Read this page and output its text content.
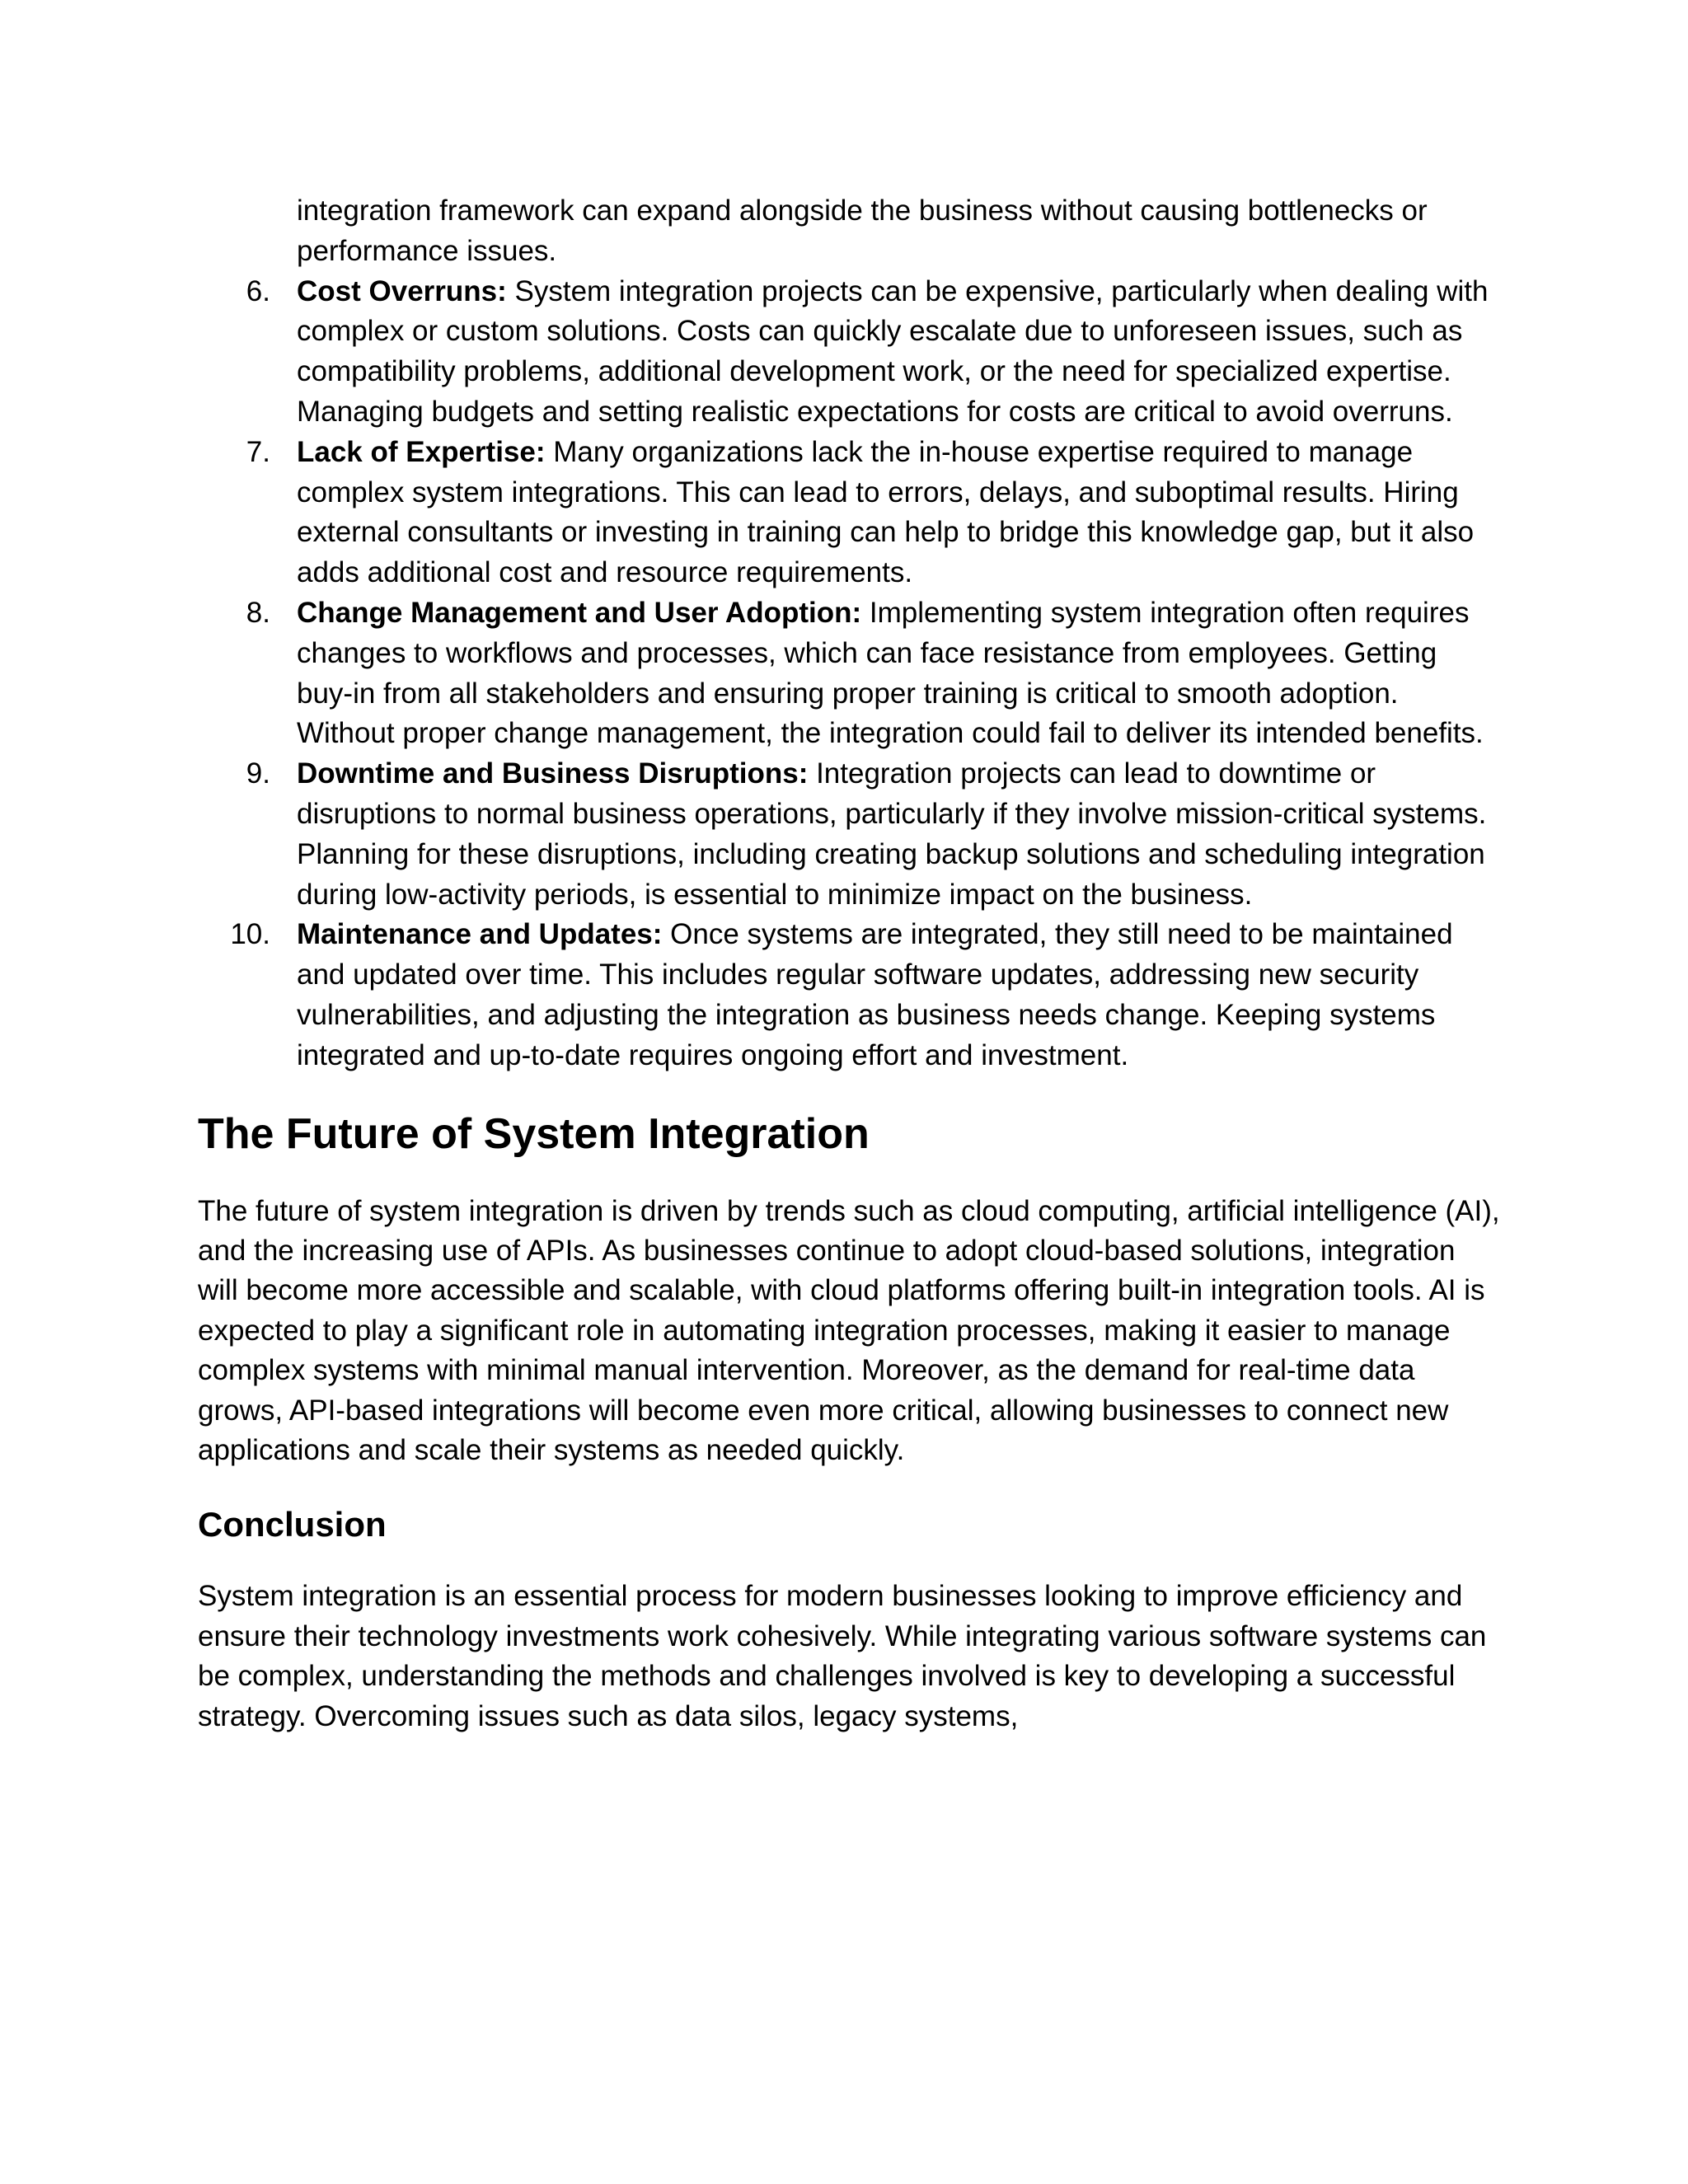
integration framework can expand alongside the business without causing bottlenecks or performance issues.
6. Cost Overruns: System integration projects can be expensive, particularly when dealing with complex or custom solutions. Costs can quickly escalate due to unforeseen issues, such as compatibility problems, additional development work, or the need for specialized expertise. Managing budgets and setting realistic expectations for costs are critical to avoid overruns.
7. Lack of Expertise: Many organizations lack the in-house expertise required to manage complex system integrations. This can lead to errors, delays, and suboptimal results. Hiring external consultants or investing in training can help to bridge this knowledge gap, but it also adds additional cost and resource requirements.
8. Change Management and User Adoption: Implementing system integration often requires changes to workflows and processes, which can face resistance from employees. Getting buy-in from all stakeholders and ensuring proper training is critical to smooth adoption. Without proper change management, the integration could fail to deliver its intended benefits.
9. Downtime and Business Disruptions: Integration projects can lead to downtime or disruptions to normal business operations, particularly if they involve mission-critical systems. Planning for these disruptions, including creating backup solutions and scheduling integration during low-activity periods, is essential to minimize impact on the business.
10. Maintenance and Updates: Once systems are integrated, they still need to be maintained and updated over time. This includes regular software updates, addressing new security vulnerabilities, and adjusting the integration as business needs change. Keeping systems integrated and up-to-date requires ongoing effort and investment.
The Future of System Integration

The future of system integration is driven by trends such as cloud computing, artificial intelligence (AI), and the increasing use of APIs. As businesses continue to adopt cloud-based solutions, integration will become more accessible and scalable, with cloud platforms offering built-in integration tools. AI is expected to play a significant role in automating integration processes, making it easier to manage complex systems with minimal manual intervention. Moreover, as the demand for real-time data grows, API-based integrations will become even more critical, allowing businesses to connect new applications and scale their systems as needed quickly.

Conclusion

System integration is an essential process for modern businesses looking to improve efficiency and ensure their technology investments work cohesively. While integrating various software systems can be complex, understanding the methods and challenges involved is key to developing a successful strategy. Overcoming issues such as data silos, legacy systems,
